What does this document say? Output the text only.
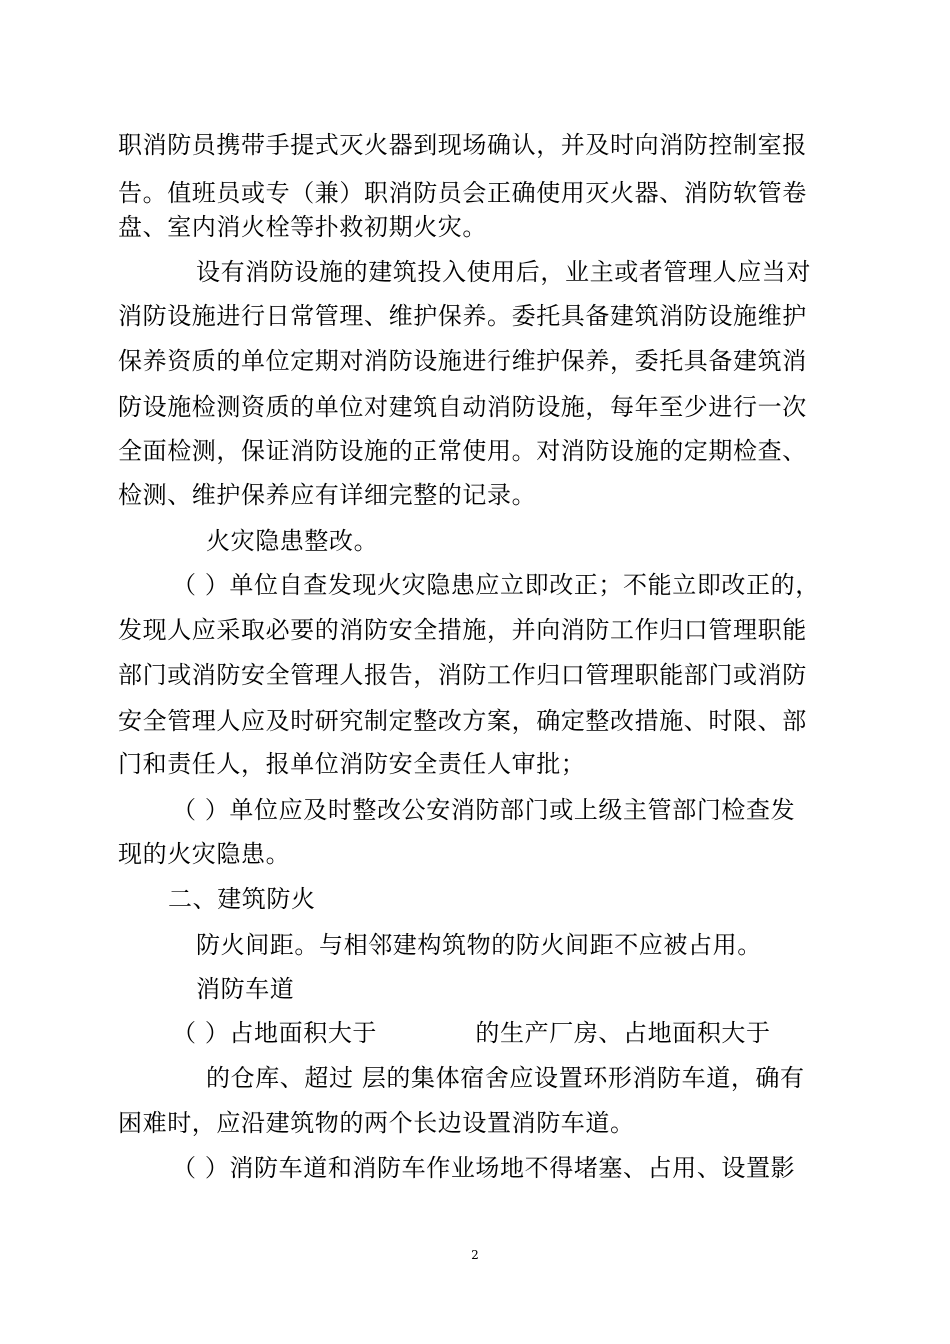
职消防员携带手提式灭火器到现场确认，并及时向消防控制室报
告。值班员或专（兼）职消防员会正确使用灭火器、消防软管卷
盘、室内消火栓等扑救初期火灾。
设有消防设施的建筑投入使用后，业主或者管理人应当对
消防设施进行日常管理、维护保养。委托具备建筑消防设施维护
保养资质的单位定期对消防设施进行维护保养，委托具备建筑消
防设施检测资质的单位对建筑自动消防设施，每年至少进行一次
全面检测，保证消防设施的正常使用。对消防设施的定期检查、
检测、维护保养应有详细完整的记录。
火灾隐患整改。
（ ）单位自查发现火灾隐患应立即改正；不能立即改正的，
发现人应采取必要的消防安全措施，并向消防工作归口管理职能
部门或消防安全管理人报告，消防工作归口管理职能部门或消防
安全管理人应及时研究制定整改方案，确定整改措施、时限、部
门和责任人，报单位消防安全责任人审批；
（ ）单位应及时整改公安消防部门或上级主管部门检查发
现的火灾隐患。
二、建筑防火
防火间距。与相邻建构筑物的防火间距不应被占用。
消防车道
（ ）占地面积大于　　　　的生产厂房、占地面积大于
的仓库、超过 层的集体宿舍应设置环形消防车道，确有
困难时，应沿建筑物的两个长边设置消防车道。
（ ）消防车道和消防车作业场地不得堵塞、占用、设置影
2
